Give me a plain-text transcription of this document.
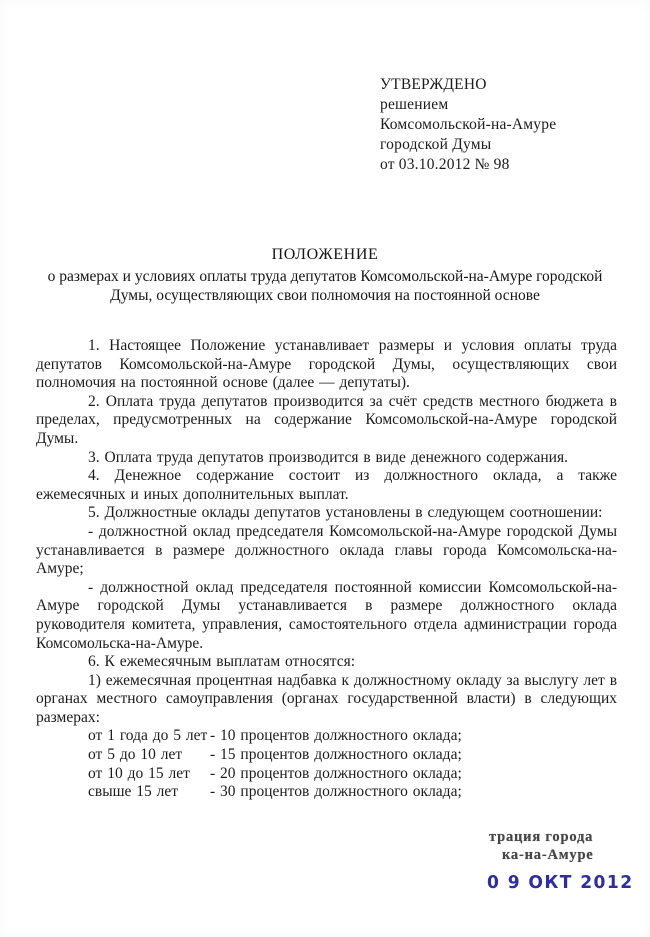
УТВЕРЖДЕНО
решением
Комсомольской-на-Амуре
городской Думы
от 03.10.2012 № 98
ПОЛОЖЕНИЕ
о размерах и условиях оплаты труда депутатов Комсомольской-на-Амуре городской Думы, осуществляющих свои полномочия на постоянной основе

1. Настоящее Положение устанавливает размеры и условия оплаты труда депутатов Комсомольской-на-Амуре городской Думы, осуществляющих свои полномочия на постоянной основе (далее — депутаты).

2. Оплата труда депутатов производится за счёт средств местного бюджета в пределах, предусмотренных на содержание Комсомольской-на-Амуре городской Думы.

3. Оплата труда депутатов производится в виде денежного содержания.

4. Денежное содержание состоит из должностного оклада, а также ежемесячных и иных дополнительных выплат.

5. Должностные оклады депутатов установлены в следующем соотношении:

- должностной оклад председателя Комсомольской-на-Амуре городской Думы устанавливается в размере должностного оклада главы города Комсомольска-на-Амуре;

- должностной оклад председателя постоянной комиссии Комсомольской-на-Амуре городской Думы устанавливается в размере должностного оклада руководителя комитета, управления, самостоятельного отдела администрации города Комсомольска-на-Амуре.

6. К ежемесячным выплатам относятся:

1) ежемесячная процентная надбавка к должностному окладу за выслугу лет в органах местного самоуправления (органах государственной власти) в следующих размерах:

от 1 года до 5 лет - 10 процентов должностного оклада;
от 5 до 10 лет	- 15 процентов должностного оклада;
от 10 до 15 лет	- 20 процентов должностного оклада;
свыше 15 лет	- 30 процентов должностного оклада;
трация города
ка-на-Амуре
0 9 ОКТ 2012
